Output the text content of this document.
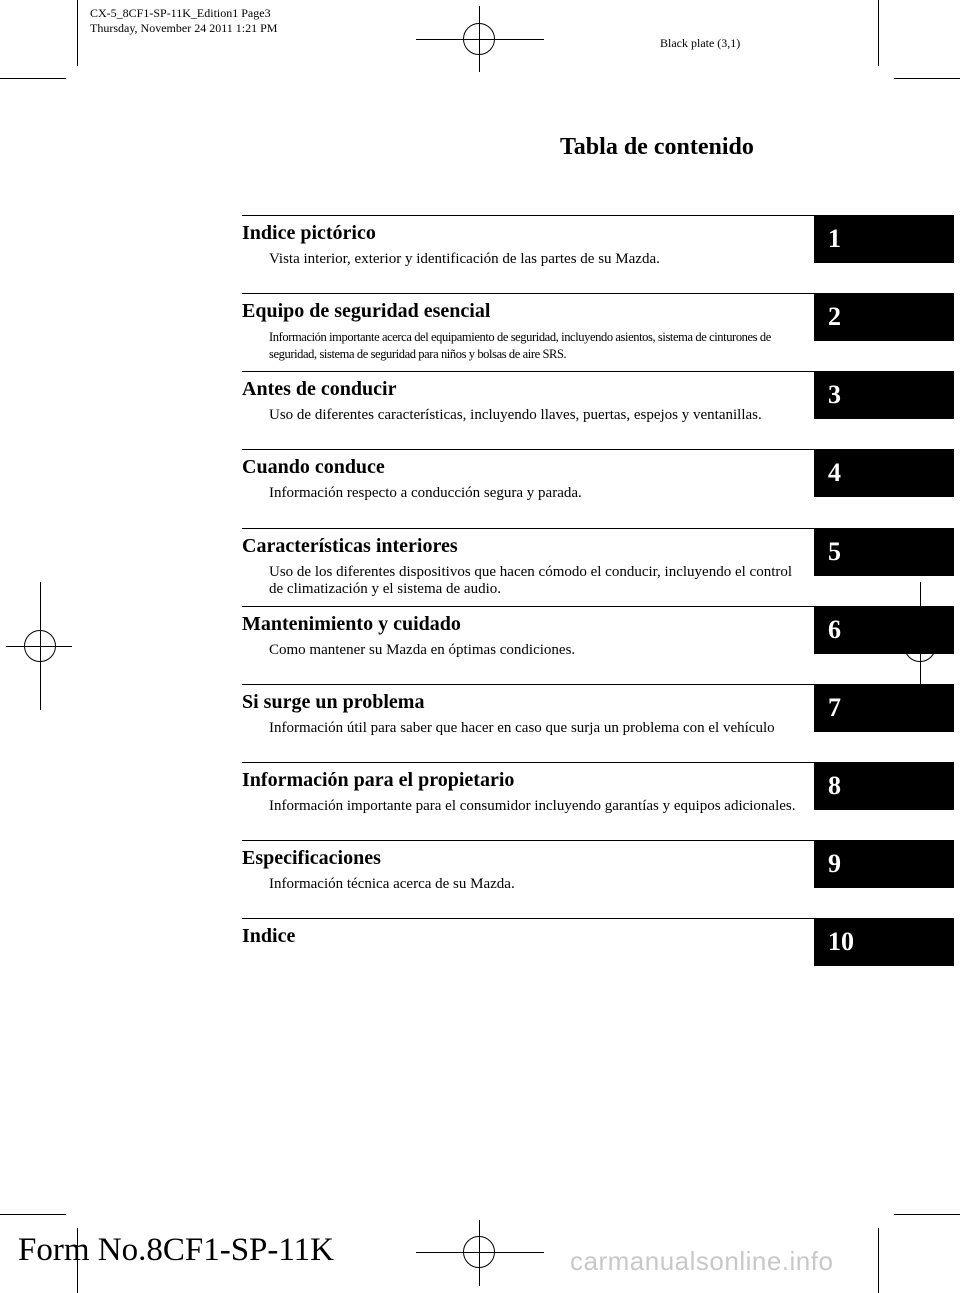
CX-5_8CF1-SP-11K_Edition1 Page3
Thursday, November 24 2011 1:21 PM
Black plate (3,1)
Tabla de contenido
Indice pictórico
Vista interior, exterior y identificación de las partes de su Mazda.
1
Equipo de seguridad esencial
Información importante acerca del equipamiento de seguridad, incluyendo asientos, sistema de cinturones de seguridad, sistema de seguridad para niños y bolsas de aire SRS.
2
Antes de conducir
Uso de diferentes características, incluyendo llaves, puertas, espejos y ventanillas.
3
Cuando conduce
Información respecto a conducción segura y parada.
4
Características interiores
Uso de los diferentes dispositivos que hacen cómodo el conducir, incluyendo el control de climatización y el sistema de audio.
5
Mantenimiento y cuidado
Como mantener su Mazda en óptimas condiciones.
6
Si surge un problema
Información útil para saber que hacer en caso que surja un problema con el vehículo
7
Información para el propietario
Información importante para el consumidor incluyendo garantías y equipos adicionales.
8
Especificaciones
Información técnica acerca de su Mazda.
9
Indice	10
Form No.8CF1-SP-11K	carmanualsonline.info
